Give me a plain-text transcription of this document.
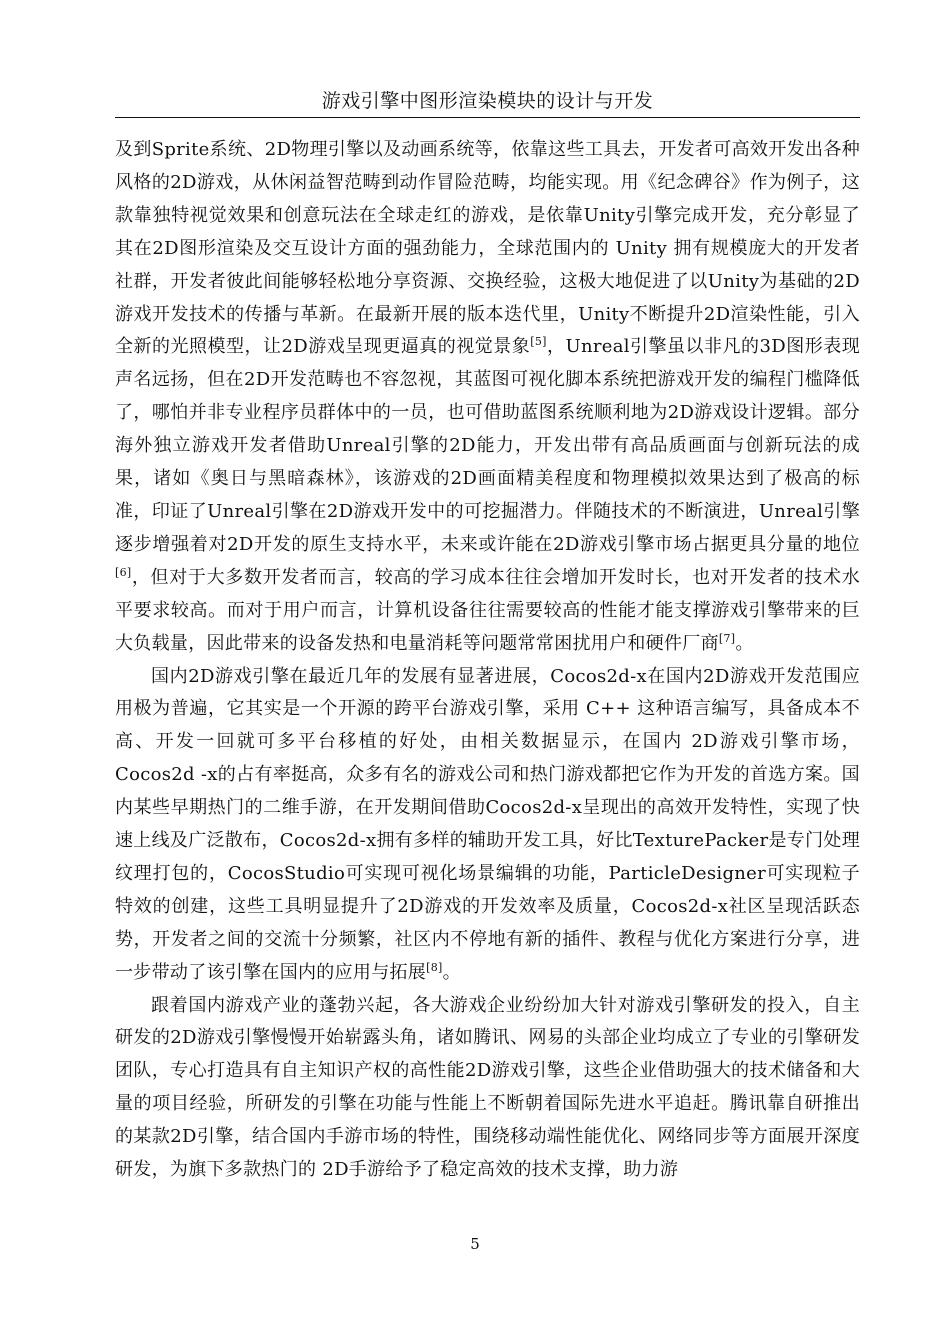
游戏引擎中图形渲染模块的设计与开发

及到Sprite系统、2D物理引擎以及动画系统等，依靠这些工具去，开发者可高效开发出各种风格的2D游戏，从休闲益智范畴到动作冒险范畴，均能实现。用《纪念碑谷》作为例子，这款靠独特视觉效果和创意玩法在全球走红的游戏，是依靠Unity引擎完成开发，充分彰显了其在2D图形渲染及交互设计方面的强劲能力，全球范围内的 Unity 拥有规模庞大的开发者社群，开发者彼此间能够轻松地分享资源、交换经验，这极大地促进了以Unity为基础的2D游戏开发技术的传播与革新。在最新开展的版本迭代里，Unity不断提升2D渲染性能，引入全新的光照模型，让2D游戏呈现更逼真的视觉景象[5]，Unreal引擎虽以非凡的3D图形表现声名远扬，但在2D开发范畴也不容忽视，其蓝图可视化脚本系统把游戏开发的编程门槛降低了，哪怕并非专业程序员群体中的一员，也可借助蓝图系统顺利地为2D游戏设计逻辑。部分海外独立游戏开发者借助Unreal引擎的2D能力，开发出带有高品质画面与创新玩法的成果，诸如《奥日与黑暗森林》，该游戏的2D画面精美程度和物理模拟效果达到了极高的标准，印证了Unreal引擎在2D游戏开发中的可挖掘潜力。伴随技术的不断演进，Unreal引擎逐步增强着对2D开发的原生支持水平，未来或许能在2D游戏引擎市场占据更具分量的地位[6]，但对于大多数开发者而言，较高的学习成本往往会增加开发时长，也对开发者的技术水平要求较高。而对于用户而言，计算机设备往往需要较高的性能才能支撑游戏引擎带来的巨大负载量，因此带来的设备发热和电量消耗等问题常常困扰用户和硬件厂商[7]。

国内2D游戏引擎在最近几年的发展有显著进展，Cocos2d-x在国内2D游戏开发范围应用极为普遍，它其实是一个开源的跨平台游戏引擎，采用 C++ 这种语言编写，具备成本不高、开发一回就可多平台移植的好处，由相关数据显示，在国内 2D游戏引擎市场，Cocos2d -x的占有率挺高，众多有名的游戏公司和热门游戏都把它作为开发的首选方案。国内某些早期热门的二维手游，在开发期间借助Cocos2d-x呈现出的高效开发特性，实现了快速上线及广泛散布，Cocos2d-x拥有多样的辅助开发工具，好比TexturePacker是专门处理纹理打包的，CocosStudio可实现可视化场景编辑的功能，ParticleDesigner可实现粒子特效的创建，这些工具明显提升了2D游戏的开发效率及质量，Cocos2d-x社区呈现活跃态势，开发者之间的交流十分频繁，社区内不停地有新的插件、教程与优化方案进行分享，进一步带动了该引擎在国内的应用与拓展[8]。

跟着国内游戏产业的蓬勃兴起，各大游戏企业纷纷加大针对游戏引擎研发的投入，自主研发的2D游戏引擎慢慢开始崭露头角，诸如腾讯、网易的头部企业均成立了专业的引擎研发团队，专心打造具有自主知识产权的高性能2D游戏引擎，这些企业借助强大的技术储备和大量的项目经验，所研发的引擎在功能与性能上不断朝着国际先进水平追赶。腾讯靠自研推出的某款2D引擎，结合国内手游市场的特性，围绕移动端性能优化、网络同步等方面展开深度研发，为旗下多款热门的 2D手游给予了稳定高效的技术支撑，助力游

5
